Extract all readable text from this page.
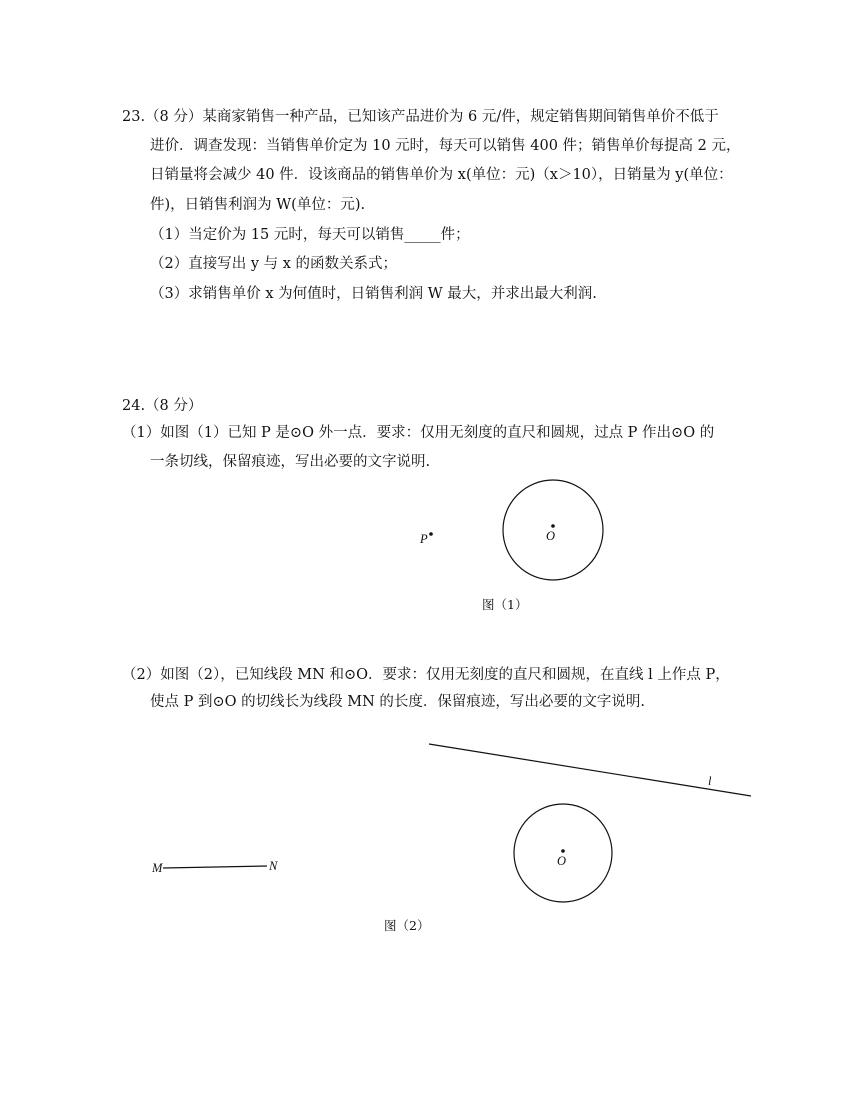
23.（8 分）某商家销售一种产品，已知该产品进价为 6 元/件，规定销售期间销售单价不低于
进价．调查发现：当销售单价定为 10 元时，每天可以销售 400 件；销售单价每提高 2 元，
日销量将会减少 40 件．设该商品的销售单价为 x(单位：元)（x＞10），日销量为 y(单位：
件)，日销售利润为 W(单位：元).
（1）当定价为 15 元时，每天可以销售_____件；
（2）直接写出 y 与 x 的函数关系式；
（3）求销售单价 x 为何值时，日销售利润 W 最大，并求出最大利润.
24.（8 分）
（1）如图（1）已知 P 是⊙O 外一点．要求：仅用无刻度的直尺和圆规，过点 P 作出⊙O 的
一条切线，保留痕迹，写出必要的文字说明.
O
P
l
O
M	N
图（1）
（2）如图（2），已知线段 MN 和⊙O．要求：仅用无刻度的直尺和圆规，在直线 l 上作点 P，
使点 P 到⊙O 的切线长为线段 MN 的长度．保留痕迹，写出必要的文字说明.
图（2）
